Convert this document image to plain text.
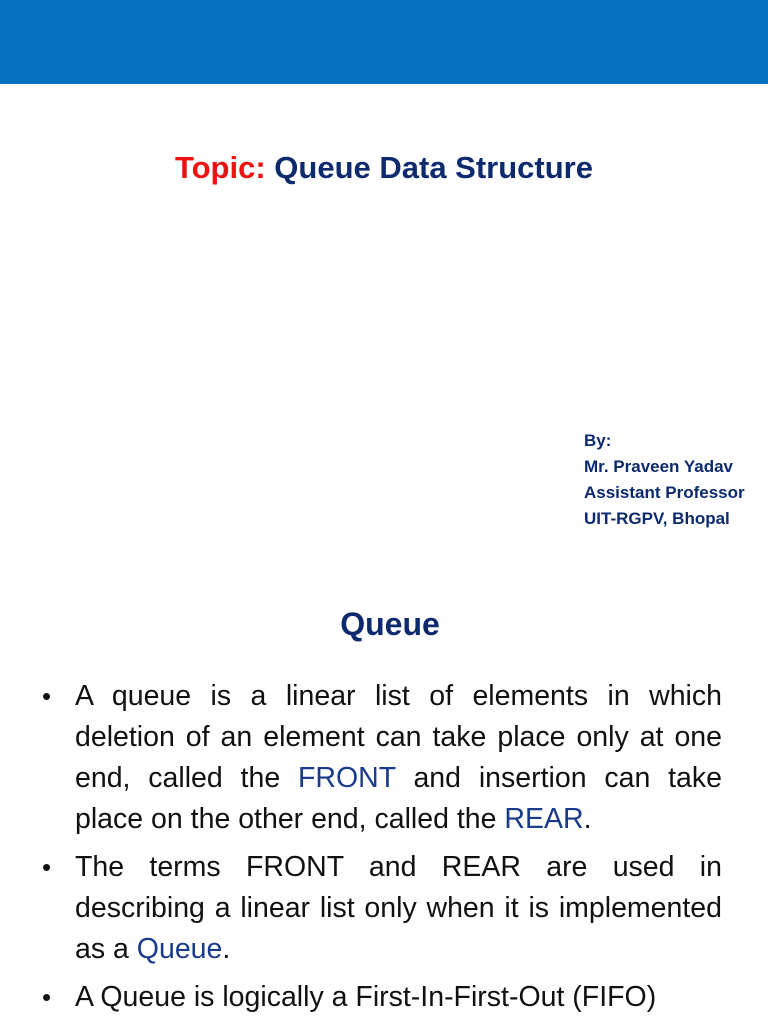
Topic: Queue Data Structure
By:
Mr. Praveen Yadav
Assistant Professor
UIT-RGPV, Bhopal
Queue
• A queue is a linear list of elements in which deletion of an element can take place only at one end, called the FRONT and insertion can take place on the other end, called the REAR.
• The terms FRONT and REAR are used in describing a linear list only when it is implemented as a Queue.
• A Queue is logically a First-In-First-Out (FIFO)
